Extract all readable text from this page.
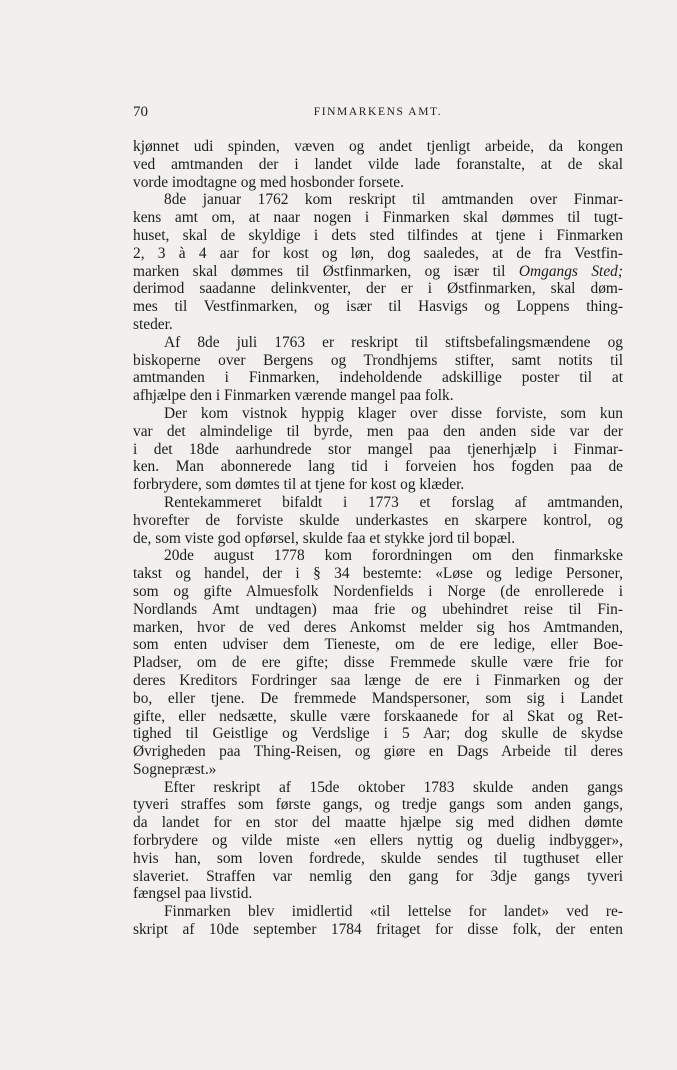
70	FINMARKENS AMT.
kjønnet udi spinden, væven og andet tjenligt arbeide, da kongen
ved amtmanden der i landet vilde lade foranstalte, at de skal
vorde imodtagne og med hosbonder forsete.
8de januar 1762 kom reskript til amtmanden over Finmar-
kens amt om, at naar nogen i Finmarken skal dømmes til tugt-
huset, skal de skyldige i dets sted tilfindes at tjene i Finmarken
2, 3 à 4 aar for kost og løn, dog saaledes, at de fra Vestfin-
marken skal dømmes til Østfinmarken, og især til Omgangs Sted;
derimod saadanne delinkventer, der er i Østfinmarken, skal døm-
mes til Vestfinmarken, og især til Hasvigs og Loppens thing-
steder.
Af 8de juli 1763 er reskript til stiftsbefalingsmændene og
biskoperne over Bergens og Trondhjems stifter, samt notits til
amtmanden i Finmarken, indeholdende adskillige poster til at
afhjælpe den i Finmarken værende mangel paa folk.
Der kom vistnok hyppig klager over disse forviste, som kun
var det almindelige til byrde, men paa den anden side var der
i det 18de aarhundrede stor mangel paa tjenerhjælp i Finmar-
ken. Man abonnerede lang tid i forveien hos fogden paa de
forbrydere, som dømtes til at tjene for kost og klæder.
Rentekammeret bifaldt i 1773 et forslag af amtmanden,
hvorefter de forviste skulde underkastes en skarpere kontrol, og
de, som viste god opførsel, skulde faa et stykke jord til bopæl.
20de august 1778 kom forordningen om den finmarkske
takst og handel, der i § 34 bestemte: «Løse og ledige Personer,
som og gifte Almuesfolk Nordenfields i Norge (de enrollerede i
Nordlands Amt undtagen) maa frie og ubehindret reise til Fin-
marken, hvor de ved deres Ankomst melder sig hos Amtmanden,
som enten udviser dem Tieneste, om de ere ledige, eller Boe-
Pladser, om de ere gifte; disse Fremmede skulle være frie for
deres Kreditors Fordringer saa længe de ere i Finmarken og der
bo, eller tjene. De fremmede Mandspersoner, som sig i Landet
gifte, eller nedsætte, skulle være forskaanede for al Skat og Ret-
tighed til Geistlige og Verdslige i 5 Aar; dog skulle de skydse
Øvrigheden paa Thing-Reisen, og giøre en Dags Arbeide til deres
Sognepræst.»
Efter reskript af 15de oktober 1783 skulde anden gangs
tyveri straffes som første gangs, og tredje gangs som anden gangs,
da landet for en stor del maatte hjælpe sig med didhen dømte
forbrydere og vilde miste «en ellers nyttig og duelig indbygger»,
hvis han, som loven fordrede, skulde sendes til tugthuset eller
slaveriet. Straffen var nemlig den gang for 3dje gangs tyveri
fængsel paa livstid.
Finmarken blev imidlertid «til lettelse for landet» ved re-
skript af 10de september 1784 fritaget for disse folk, der enten
